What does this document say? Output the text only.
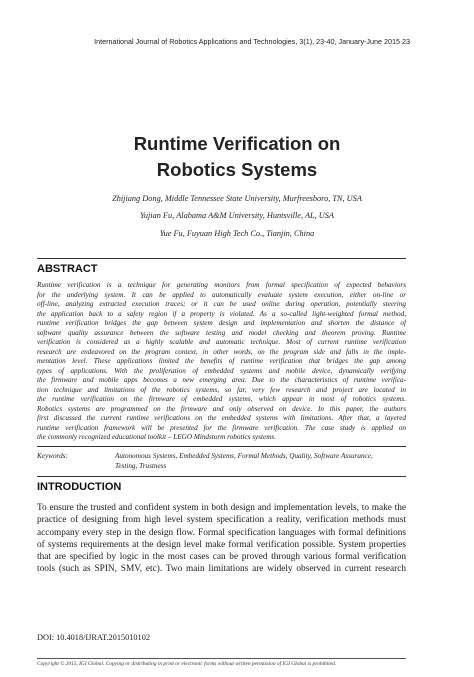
International Journal of Robotics Applications and Technologies, 3(1), 23-40, January-June 2015 23
Runtime Verification on
Robotics Systems
Zhijiang Dong, Middle Tennessee State University, Murfreesboro, TN, USA
Yujian Fu, Alabama A&M University, Huntsville, AL, USA
Yue Fu, Fuyuan High Tech Co., Tianjin, China
ABSTRACT
Runtime verification is a technique for generating monitors from formal specification of expected behaviors
for the underlying system. It can be applied to automatically evaluate system execution, either on-line or
off-line, analyzing extracted execution traces; or it can be used online during operation, potentially steering
the application back to a safety region if a property is violated. As a so-called light-weighted formal method,
runtime verification bridges the gap between system design and implementation and shorten the distance of
software quality assurance between the software testing and model checking and theorem proving. Runtime
verification is considered as a highly scalable and automatic technique. Most of current runtime verification
research are endeavored on the program context, in other words, on the program side and falls in the imple-
mentation level. These applications limited the benefits of runtime verification that bridges the gap among
types of applications. With the proliferation of embedded systems and mobile device, dynamically verifying
the firmware and mobile apps becomes a new emerging area. Due to the characteristics of runtime verifica-
tion technique and limitations of the robotics systems, so far, very few research and project are located in
the runtime verification on the firmware of embedded systems, which appear in most of robotics systems.
Robotics systems are programmed on the firmware and only observed on device. In this paper, the authors
first discussed the current runtime verifications on the embedded systems with limitations. After that, a layered
runtime verification framework will be presented for the firmware verification. The case study is applied on
the commonly recognized educational toolkit – LEGO Mindstorm robotics systems.
Keywords:	Autonomous Systems, Embedded Systems, Formal Methods, Quality, Software Assurance,
Testing, Trustness
INTRODUCTION
To ensure the trusted and confident system in both design and implementation levels, to make the
practice of designing from high level system specification a reality, verification methods must
accompany every step in the design flow. Formal specification languages with formal definitions
of systems requirements at the design level make formal verification possible. System properties
that are specified by logic in the most cases can be proved through various formal verification
tools (such as SPIN, SMV, etc). Two main limitations are widely observed in current research
DOI: 10.4018/IJRAT.2015010102
Copyright © 2015, IGI Global. Copying or distributing in print or electronic forms without written permission of IGI Global is prohibited.
